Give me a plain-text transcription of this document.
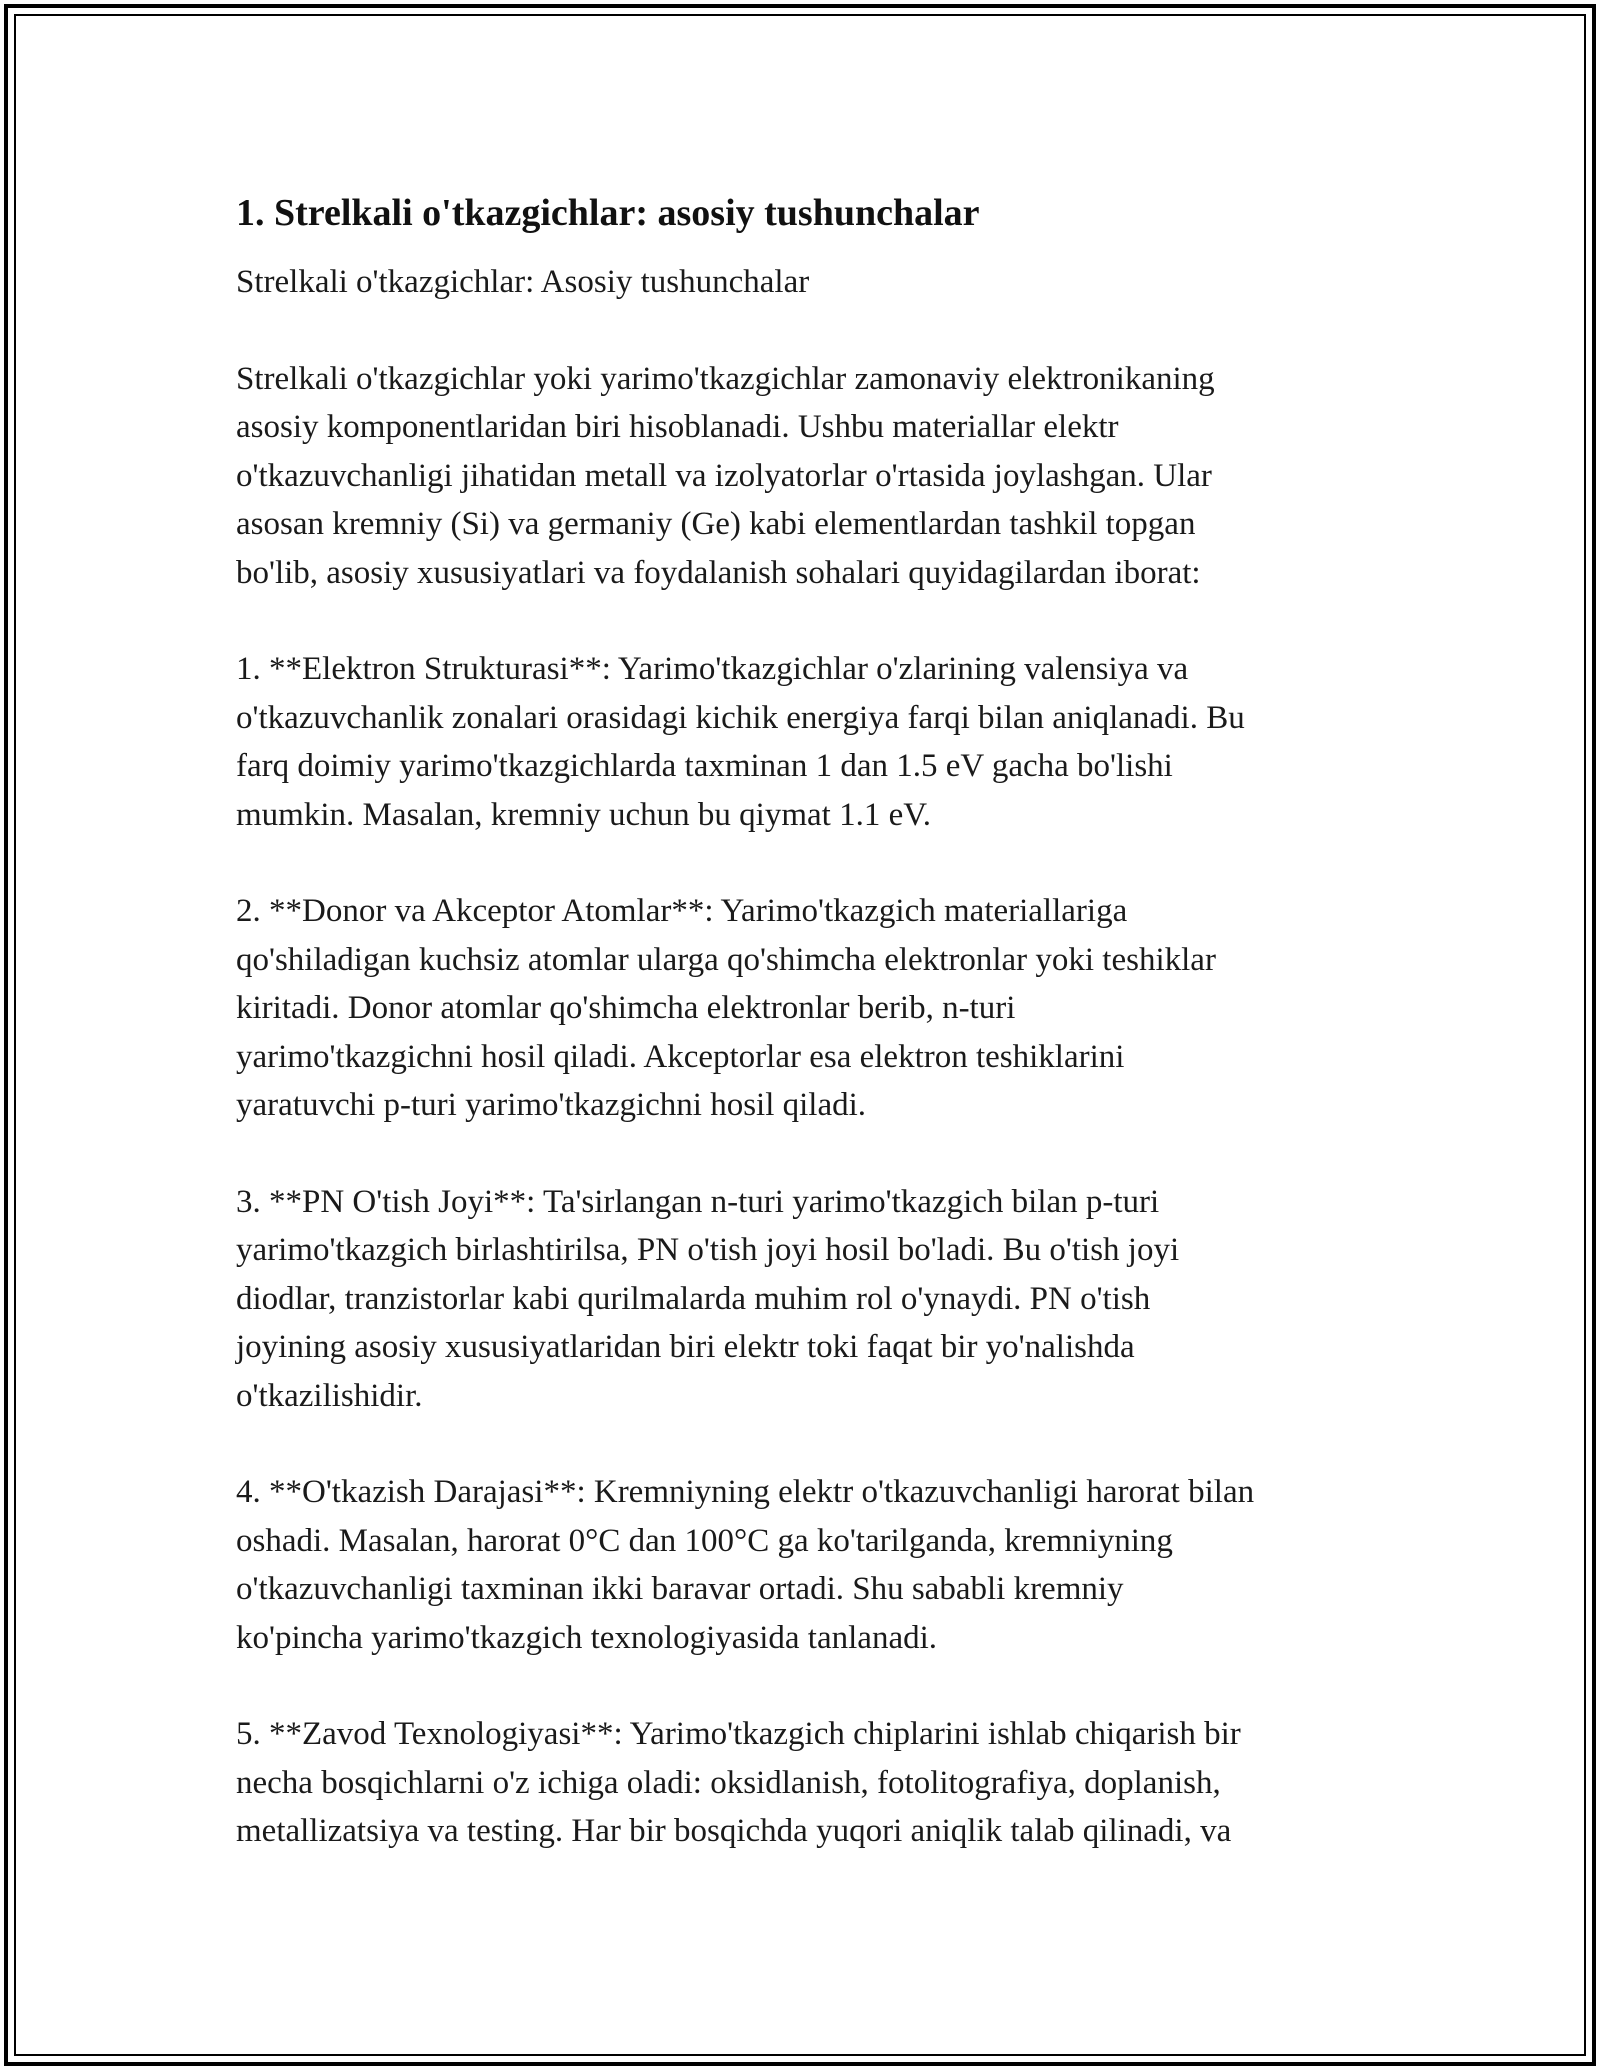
1. Strelkali o'tkazgichlar: asosiy tushunchalar
Strelkali o'tkazgichlar: Asosiy tushunchalar
Strelkali o'tkazgichlar yoki yarimo'tkazgichlar zamonaviy elektronikaning
asosiy komponentlaridan biri hisoblanadi. Ushbu materiallar elektr
o'tkazuvchanligi jihatidan metall va izolyatorlar o'rtasida joylashgan. Ular
asosan kremniy (Si) va germaniy (Ge) kabi elementlardan tashkil topgan
bo'lib, asosiy xususiyatlari va foydalanish sohalari quyidagilardan iborat:
1. **Elektron Strukturasi**: Yarimo'tkazgichlar o'zlarining valensiya va
o'tkazuvchanlik zonalari orasidagi kichik energiya farqi bilan aniqlanadi. Bu
farq doimiy yarimo'tkazgichlarda taxminan 1 dan 1.5 eV gacha bo'lishi
mumkin. Masalan, kremniy uchun bu qiymat 1.1 eV.
2. **Donor va Akceptor Atomlar**: Yarimo'tkazgich materiallariga
qo'shiladigan kuchsiz atomlar ularga qo'shimcha elektronlar yoki teshiklar
kiritadi. Donor atomlar qo'shimcha elektronlar berib, n-turi
yarimo'tkazgichni hosil qiladi. Akceptorlar esa elektron teshiklarini
yaratuvchi p-turi yarimo'tkazgichni hosil qiladi.
3. **PN O'tish Joyi**: Ta'sirlangan n-turi yarimo'tkazgich bilan p-turi
yarimo'tkazgich birlashtirilsa, PN o'tish joyi hosil bo'ladi. Bu o'tish joyi
diodlar, tranzistorlar kabi qurilmalarda muhim rol o'ynaydi. PN o'tish
joyining asosiy xususiyatlaridan biri elektr toki faqat bir yo'nalishda
o'tkazilishidir.
4. **O'tkazish Darajasi**: Kremniyning elektr o'tkazuvchanligi harorat bilan
oshadi. Masalan, harorat 0°C dan 100°C ga ko'tarilganda, kremniyning
o'tkazuvchanligi taxminan ikki baravar ortadi. Shu sababli kremniy
ko'pincha yarimo'tkazgich texnologiyasida tanlanadi.
5. **Zavod Texnologiyasi**: Yarimo'tkazgich chiplarini ishlab chiqarish bir
necha bosqichlarni o'z ichiga oladi: oksidlanish, fotolitografiya, doplanish,
metallizatsiya va testing. Har bir bosqichda yuqori aniqlik talab qilinadi, va
